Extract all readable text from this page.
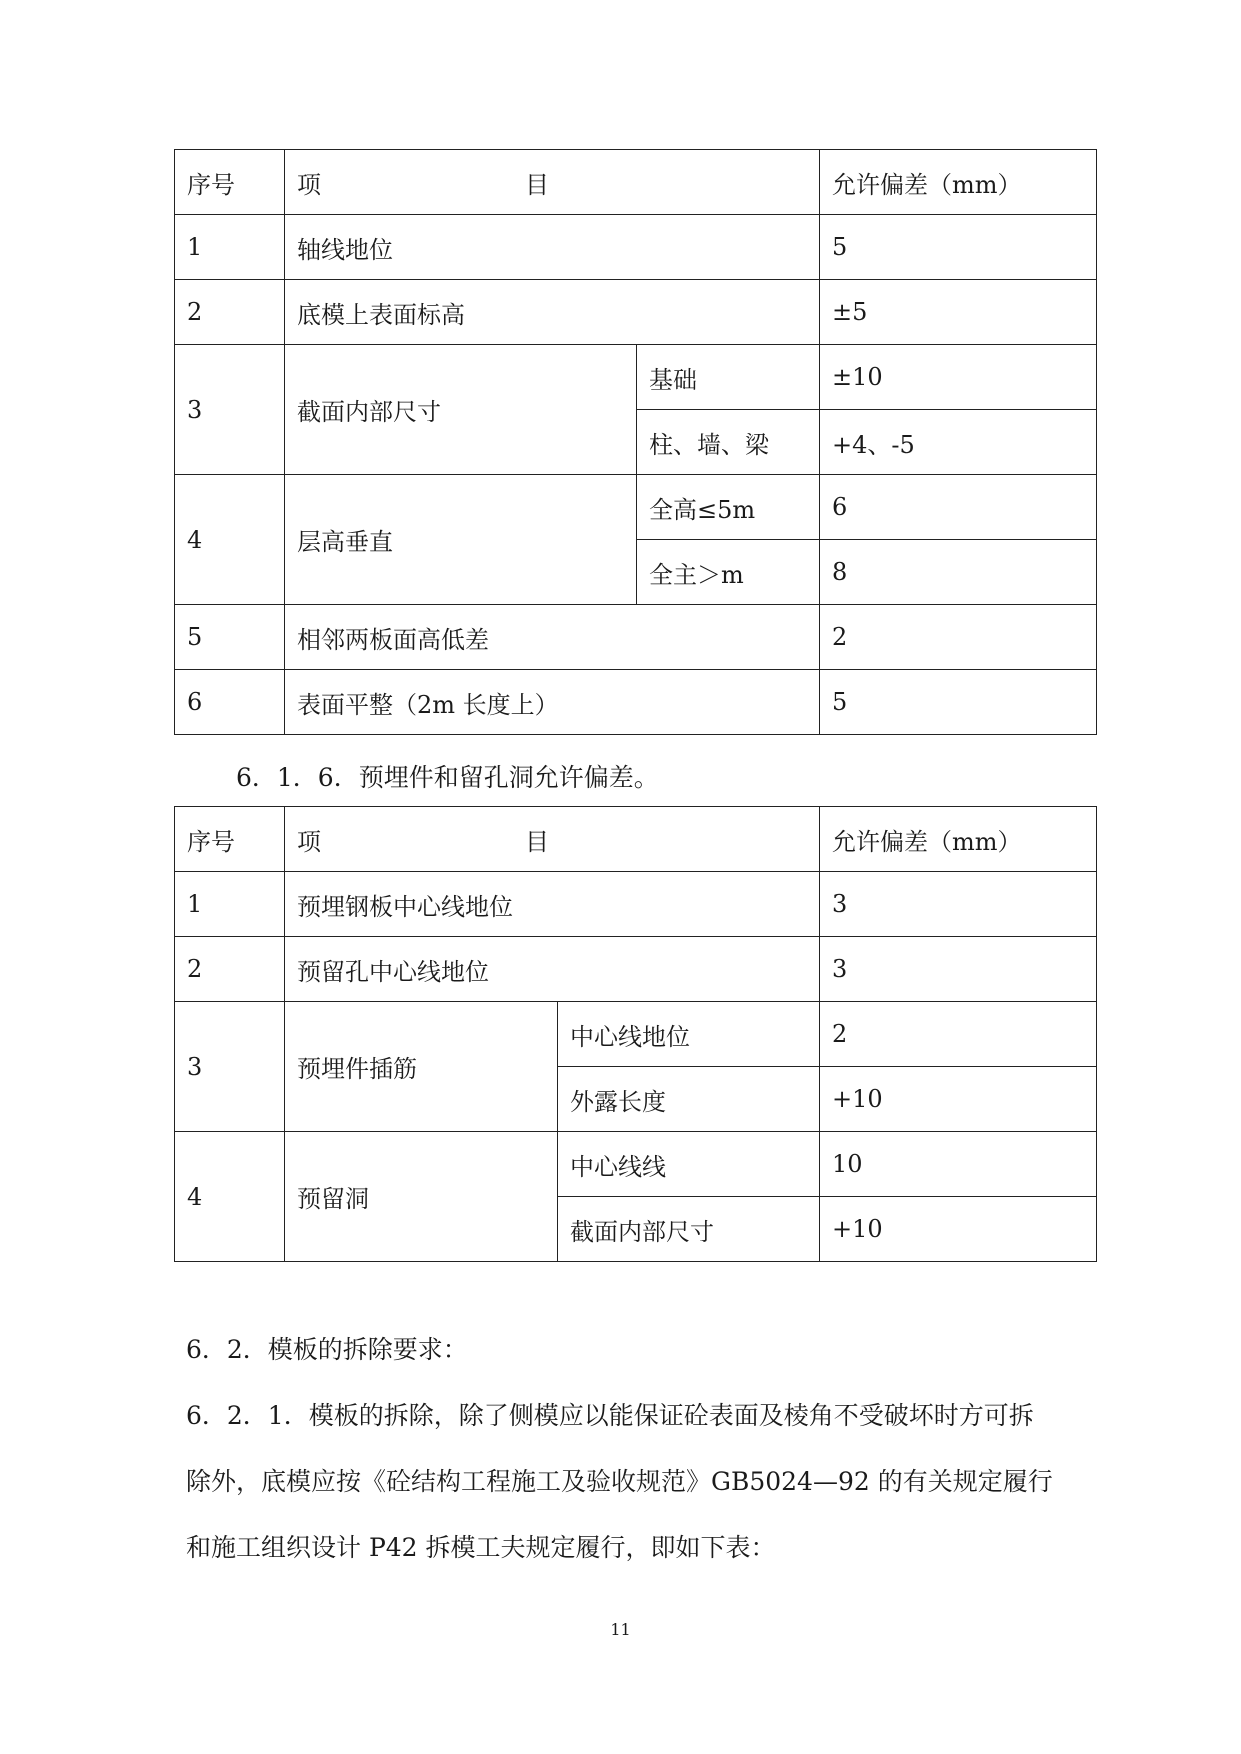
序号	项 目		允许偏差（mm）
1	轴线地位		5
2	底模上表面标高		±5
3	截面内部尺寸	基础	±10
		柱、墙、梁	+4、-5
4	层高垂直	全高≤5m	6
		全主＞m	8
5	相邻两板面高低差		2
6	表面平整（2m 长度上）		5
6．1．6．预埋件和留孔洞允许偏差。
序号	项 目		允许偏差（mm）
1	预埋钢板中心线地位		3
2	预留孔中心线地位		3
3	预埋件插筋	中心线地位	2
		外露长度	+10
4	预留洞	中心线线	10
		截面内部尺寸	+10
6．2．模板的拆除要求：
6．2．1．模板的拆除，除了侧模应以能保证砼表面及棱角不受破坏时方可拆
除外，底模应按《砼结构工程施工及验收规范》GB5024—92 的有关规定履行
和施工组织设计 P42 拆模工夫规定履行，即如下表：
11
